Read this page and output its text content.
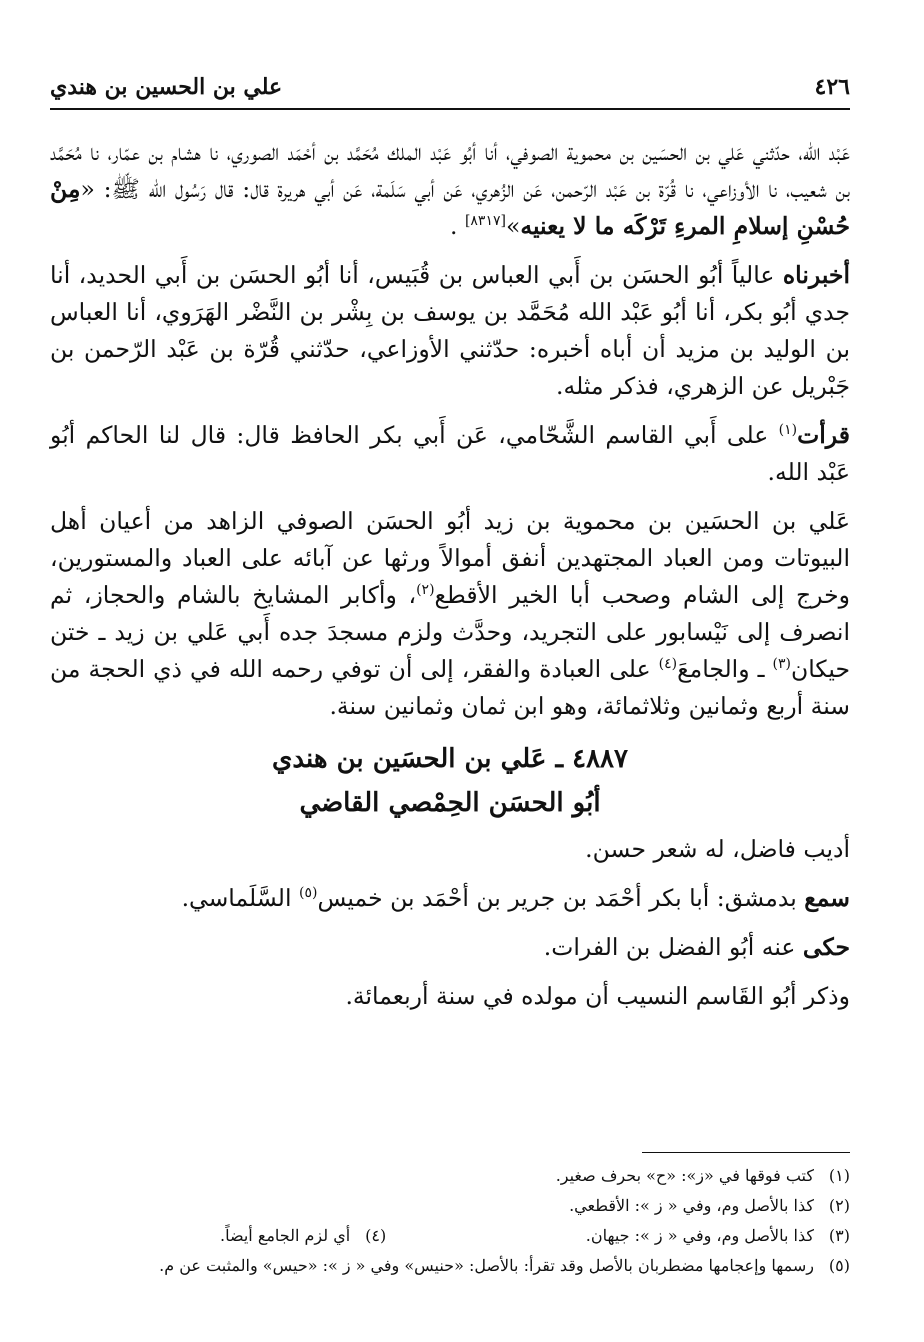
٤٢٦
علي بن الحسين بن هندي

عَبْد الله، حدّثني عَلي بن الحسَين بن محموية الصوفي، أنا أبُو عَبْد الملك مُحَمَّد بن أحْمَد الصوري، نا هشام بن عمّار، نا مُحَمَّد بن شعيب، نا الأوزاعي، نا قُرّة بن عَبْد الرّحمن، عَن الزُهري، عَن أبي سَلَمة، عَن أبي هريرة قال: قال رَسُول الله ﷺ: «مِنْ حُسْنِ إسلامِ المرءِ تَرْكَه ما لا يعنيه»[٨٣١٧] .

أخبرناه عالياً أبُو الحسَن بن أَبي العباس بن قُبَيس، أنا أبُو الحسَن بن أَبي الحديد، أنا جدي أبُو بكر، أنا أبُو عَبْد الله مُحَمَّد بن يوسف بن بِشْر بن النَّضْر الهَرَوي، أنا العباس بن الوليد بن مزيد أن أباه أخبره: حدّثني الأوزاعي، حدّثني قُرّة بن عَبْد الرّحمن بن جَبْريل عن الزهري، فذكر مثله.

قرأت$^{(١)}$ على أَبي القاسم الشَّحّامي، عَن أَبي بكر الحافظ قال: قال لنا الحاكم أبُو عَبْد الله.

عَلي بن الحسَين بن محموية بن زيد أبُو الحسَن الصوفي الزاهد من أعيان أهل البيوتات ومن العباد المجتهدين أنفق أموالاً ورثها عن آبائه على العباد والمستورين، وخرج إلى الشام وصحب أبا الخير الأقطع$^{(٢)}$، وأكابر المشايخ بالشام والحجاز، ثم انصرف إلى نَيْسابور على التجريد، وحدَّث ولزم مسجدَ جده أَبي عَلي بن زيد ـ ختن حيكان$^{(٣)}$ ـ والجامعَ$^{(٤)}$ على العبادة والفقر، إلى أن توفي رحمه الله في ذي الحجة من سنة أربع وثمانين وثلاثمائة، وهو ابن ثمان وثمانين سنة.

٤٨٨٧ ـ عَلي بن الحسَين بن هندي
أبُو الحسَن الحِمْصي القاضي

أديب فاضل، له شعر حسن.

سمع بدمشق: أبا بكر أحْمَد بن جرير بن أحْمَد بن خميس$^{(٥)}$ السَّلَماسي.

حكى عنه أبُو الفضل بن الفرات.

وذكر أبُو القَاسم النسيب أن مولده في سنة أربعمائة.

(١)كتب فوقها في «ز»: «ح» بحرف صغير.
(٢)كذا بالأصل وم، وفي « ز »: الأقطعي.
(٣)كذا بالأصل وم، وفي « ز »: جيهان.
(٤)أي لزم الجامع أيضاً.
(٥)رسمها وإعجامها مضطربان بالأصل وقد تقرأ: بالأصل: «حنيس» وفي « ز »: «حيس» والمثبت عن م.
